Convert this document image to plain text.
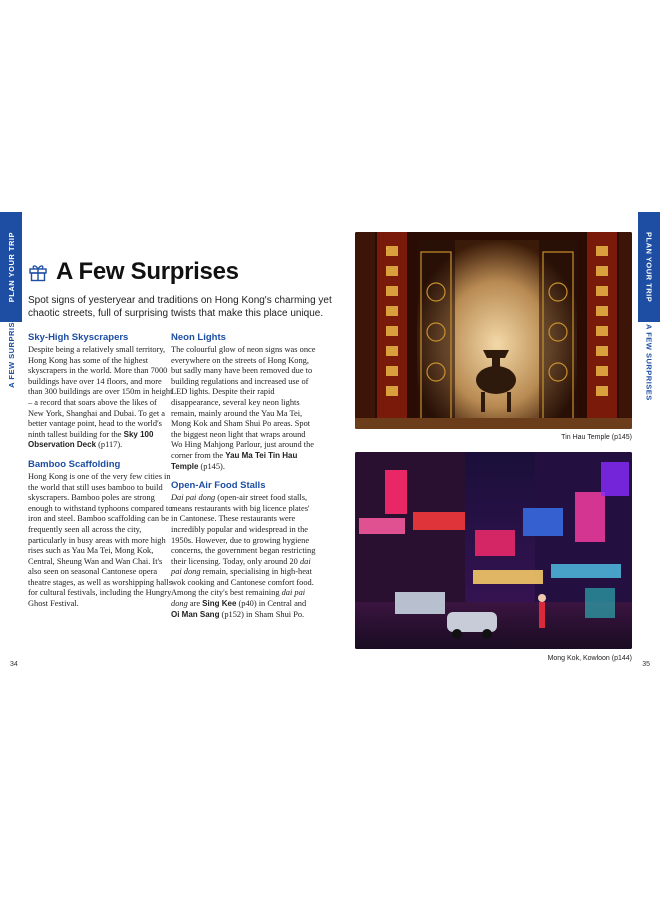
PLAN YOUR TRIP
A FEW SURPRISES
PLAN YOUR TRIP
A FEW SURPRISES
A Few Surprises
Spot signs of yesteryear and traditions on Hong Kong's charming yet chaotic streets, full of surprising twists that make this place unique.
Sky-High Skyscrapers

Despite being a relatively small territory, Hong Kong has some of the highest skyscrapers in the world. More than 7000 buildings have over 14 floors, and more than 300 buildings are over 150m in height – a record that soars above the likes of New York, Shanghai and Dubai. To get a better vantage point, head to the world's ninth tallest building for the Sky 100 Observation Deck (p117).

Bamboo Scaffolding

Hong Kong is one of the very few cities in the world that still uses bamboo to build skyscrapers. Bamboo poles are strong enough to withstand typhoons compared to iron and steel. Bamboo scaffolding can be frequently seen all across the city, particularly in busy areas with more high rises such as Yau Ma Tei, Mong Kok, Central, Sheung Wan and Wan Chai. It's also seen on seasonal Cantonese opera theatre stages, as well as worshipping halls for cultural festivals, including the Hungry Ghost Festival.

Neon Lights

The colourful glow of neon signs was once everywhere on the streets of Hong Kong, but sadly many have been removed due to building regulations and increased use of LED lights. Despite their rapid disappearance, several key neon lights remain, mainly around the Yau Ma Tei, Mong Kok and Sham Shui Po areas. Spot the biggest neon light that wraps around Wo Hing Mahjong Parlour, just around the corner from the Yau Ma Tei Tin Hau Temple (p145).

Open-Air Food Stalls

Dai pai dong (open-air street food stalls, means restaurants with big licence plates' in Cantonese. These restaurants were incredibly popular and widespread in the 1950s. However, due to growing hygiene concerns, the government began restricting their licensing. Today, only around 20 dai pai dong remain, specialising in high-heat wok cooking and Cantonese comfort food. Among the city's best remaining dai pai dong are Sing Kee (p40) in Central and Oi Man Sang (p152) in Sham Shui Po.

Tin Hau Temple (p145)
Mong Kok, Kowloon (p144)
34	35
